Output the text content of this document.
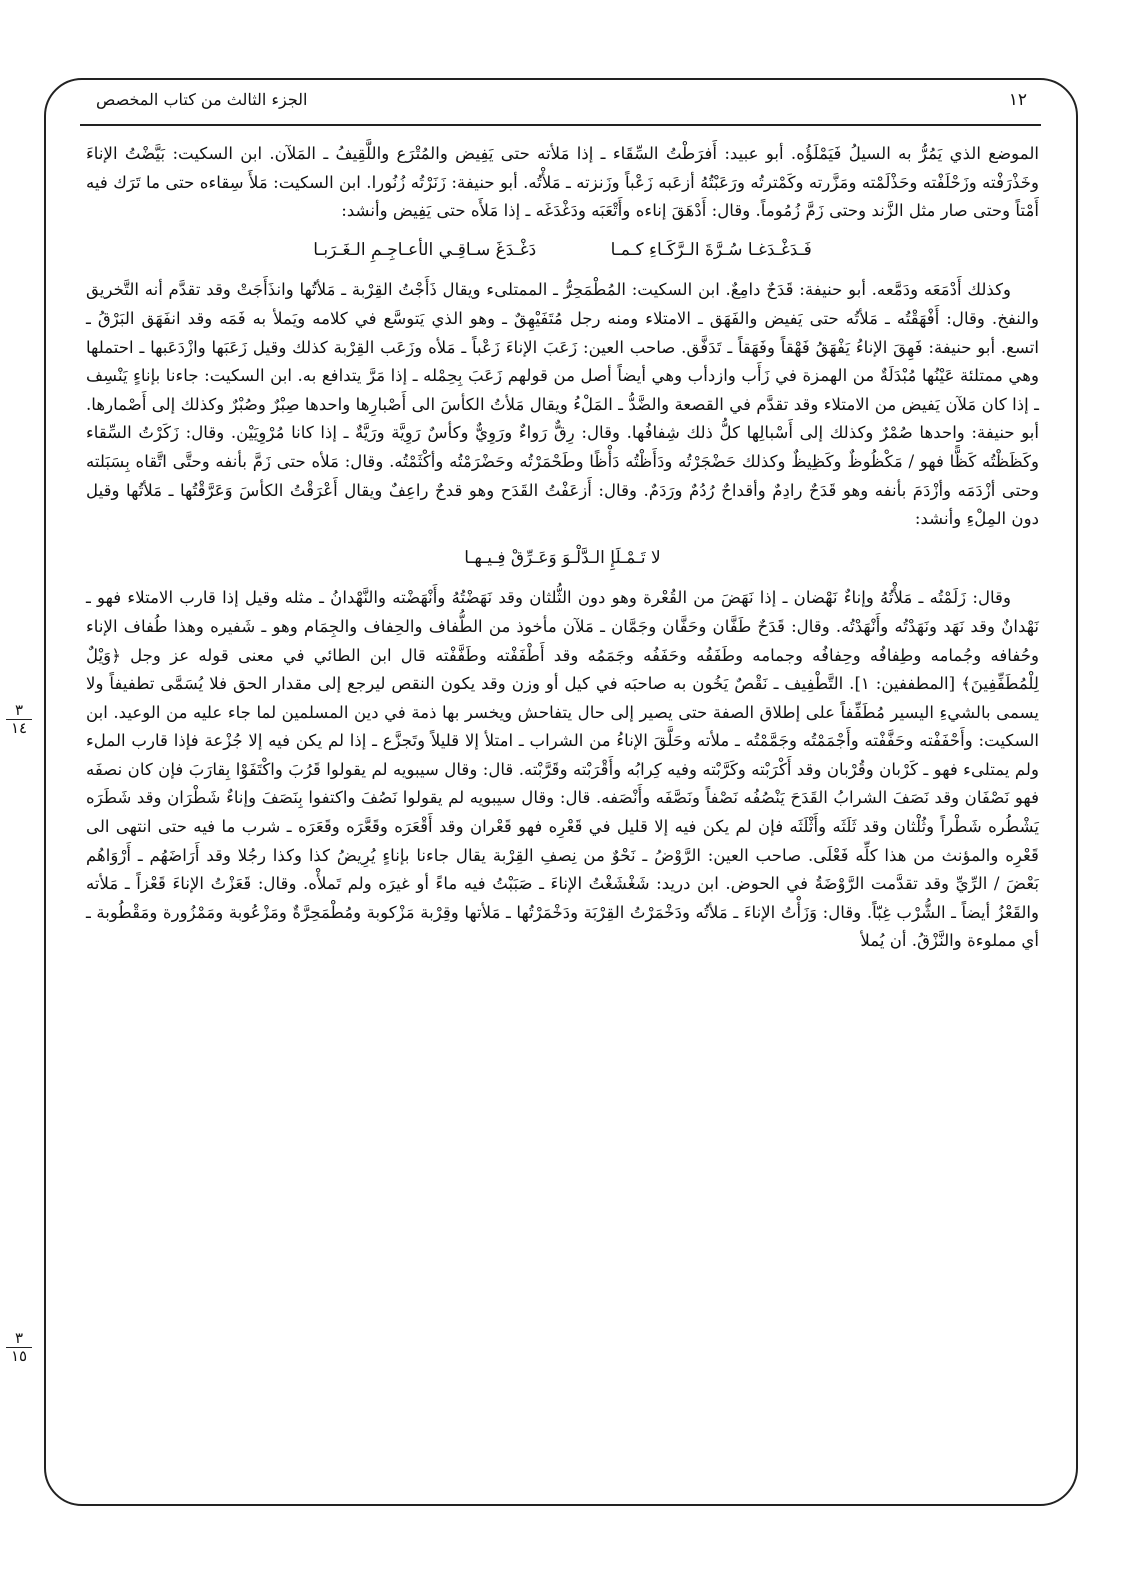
١٢
الجزء الثالث من كتاب المخصص
٣
١٤
٣
١٥

الموضع الذي يَمُرُّ به السيلُ فَيَمْلَؤُه. أبو عبيد: أَفرَطْتُ السِّقَاء ـ إذا مَلأته حتى يَفِيض والمُتْرَع واللَّقِيفُ ـ المَلآن. ابن السكيت: بَيَّضْتُ الإناءَ وخَذْرَفْته وزَحْلَفْته وحَذْلَمْته ومَزَّرته وكَمْترتُه ورَعَبْتُهُ أزعَبه زَعْباً وزَنزته ـ مَلأْتُه. أبو حنيفة: زَنَرْتُه زُنُورا. ابن السكيت: مَلأَ سِقاءه حتى ما تَرَك فيه أَمْتاً وحتى صار مثل الزَّند وحتى زَمَّ زُمُوماً. وقال: أَدْهَقَ إناءه وأَتْعَبَه ودَغْدَغَه ـ إذا مَلأَه حتى يَفِيض وأنشد:

فَـدَغْـدَغـا سُـرَّةَ الـرَّكَـاءِ كـمـا دَغْـدَغَ سـاقِـي الأعـاجِـمِ الـغَـرَبـا

وكذلك أَدْمَعَه ودَمَّعه. أبو حنيفة: قَدَحٌ دامِعٌ. ابن السكيت: المُطْمَحِرُّ ـ الممتلىء ويقال ذَأَجْتُ القِرْبة ـ مَلأتُها وانذَأَجَتْ وقد تقدَّم أنه التَّخريق والنفخ. وقال: أَفْهَقْتُه ـ مَلأتُه حتى يَفيض والفَهَق ـ الامتلاء ومنه رجل مُتَفَيْهِقٌ ـ وهو الذي يَتوسَّع في كلامه ويَملأ به فَمَه وقد انفَهَق البَرْقُ ـ اتسع. أبو حنيفة: فَهِقَ الإناءُ يَفْهَقُ فَهْقاً وفَهَقاً ـ تَدَفَّق. صاحب العين: زَعَبَ الإناءَ زَعْباً ـ مَلأه وزَعَب القِرْبة كذلك وقيل زَعَبَها وازْدَعَبها ـ احتملها وهي ممتلئة عَيْنُها مُبْدَلَةٌ من الهمزة في زَأَب وازدأب وهي أيضاً أصل من قولهم زَعَبَ بِحِمْله ـ إذا مَرَّ يتدافع به. ابن السكيت: جاءنا بإناءٍ يَنْسِف ـ إذا كان مَلآن يَفيض من الامتلاء وقد تقدَّم في القصعة والضَّدُّ ـ المَلْءُ ويقال مَلأتُ الكأسَ الى أَصْبارِها واحدها صِبْرٌ وصُبْرٌ وكذلك إلى أَصْمارها. أبو حنيفة: واحدها صُمْرٌ وكذلك إلى أَسْبالِها كلُّ ذلك شِفافُها. وقال: رِقٌّ رَواءٌ ورَوِيٌّ وكأسٌ رَوِيَّة ورَيَّةٌ ـ إذا كانا مُرْوِيَيْن. وقال: زَكَرْتُ السِّقاء وكَظَظْتُه كَظًّا فهو / مَكْظُوظٌ وكَظِيظٌ وكذلك حَضْجَرْتُه ودَأَظْتُه دَأْظًا وطَحْمَرْتُه وحَضْرَمْتُه وأكْثَمْتُه. وقال: مَلأه حتى زَمَّ بأنفه وحتَّى اتَّقاه بِسَبَلته وحتى أزْدَمَه وأزْدَمَ بأنفه وهو قَدَحٌ رادِمٌ وأقداحٌ رُدُمٌ ورَدَمٌ. وقال: أَزعَفْتُ القَدَح وهو قدحٌ راعِفٌ ويقال أَعْرَقْتُ الكأسَ وَعَرَّقْتُها ـ مَلأتُها وقيل دون المِلْءِ وأنشد:

لا تَـمْـلَإِ الـدَّلْـوَ وَعَـرِّقْ فِـيـهـا

وقال: زَلَمْتُه ـ مَلأْتُهُ وإناءٌ نَهْضان ـ إذا نَهَضَ من القُعْرة وهو دون الثُّلثان وقد نَهَضْتُهُ وأَنْهَضْته والنَّهْدانُ ـ مثله وقيل إذا قارب الامتلاء فهو ـ نَهْدانٌ وقد نَهَد ونَهَدْتُه وأَنْهَدْتُه. وقال: قَدَحٌ طَفَّان وحَفَّان وجَمَّان ـ مَلآن مأخوذ من الطُّفاف والحِفاف والجِمَام وهو ـ شَفيره وهذا طُفاف الإناء وحُفافه وجُمامه وطِفافُه وحِفافُه وجمامه وطَفَفُه وحَفَفُه وجَمَمُه وقد أَطْفَفْته وطَفَّفْته قال ابن الطائي في معنى قوله عز وجل ﴿وَيْلٌ لِلْمُطَفِّفِينَ﴾ [المطففين: ١]. التَّطْفِيف ـ نَقْصٌ يَخُون به صاحبَه في كيل أو وزن وقد يكون النقص ليرجع إلى مقدار الحق فلا يُسَمَّى تطفيفاً ولا يسمى بالشيءِ اليسير مُطَفِّفاً على إطلاق الصفة حتى يصير إلى حال يتفاحش ويخسر بها ذمة في دين المسلمين لما جاء عليه من الوعيد. ابن السكيت: وأَحْفَفْته وحَفَّفْته وأَجْمَمْتُه وجَمَّمْتُه ـ ملأته وحَلَّقَ الإناءُ من الشراب ـ امتلأ إلا قليلاً وتَجزَّع ـ إذا لم يكن فيه إلا جُزْعة فإذا قارب الملء ولم يمتلىء فهو ـ كَرْبان وقُرْبان وقد أَكْرَبْته وكَرَّبْته وفيه كِرابُه وأَقْرَبْته وقَرَّبْته. قال: وقال سيبويه لم يقولوا قَرُبَ واكْتَفَوْا بِقارَبَ فإن كان نصفَه فهو نَصْفَان وقد نَصَفَ الشرابُ القَدَحَ يَنْصُفُه نَصْفاً ونَصَّفَه وأَنْصَفه. قال: وقال سيبويه لم يقولوا نَصُفَ واكتفوا بِنَصَفَ وإناءٌ شَطْرَان وقد شَطَرَه يَشْطُره شَطْراً وثُلْثان وقد ثَلَثَه وأَثْلَثَه فإن لم يكن فيه إلا قليل في قَعْرِه فهو قَعْران وقد أَقْعَرَه وقَعَّرَه وقَعَرَه ـ شرب ما فيه حتى انتهى الى قَعْرِه والمؤنث من هذا كلِّه فَعْلَى. صاحب العين: الرَّوْضُ ـ نَحْوٌ من نِصفِ القِرْبة يقال جاءنا بإناءٍ يُرِيضُ كذا وكذا رجُلا وقد أَرَاضَهُم ـ أَرْوَاهُم بَعْضَ / الرِّيِّ وقد تقدَّمت الرَّوْضَةُ في الحوض. ابن دريد: شَغْشَغْتُ الإناءَ ـ صَبَبْتُ فيه ماءً أو غيرَه ولم تَملأْه. وقال: قَعَزْتُ الإناءَ قَعْزاً ـ مَلأته والقَعْزُ أيضاً ـ الشُّرْب غِبّاً. وقال: وَزَأْتُ الإناءَ ـ مَلأتُه ودَخْمَرْتُ القِرْبَة ودَخْمَرْتُها ـ مَلأتها وقِرْبة مَزْكوبة ومُطْمَحِرَّةٌ ومَزْعُوبة ومَمْزُورة ومَقْطُوبة ـ أي مملوءة والنَّزْقُ. أن يُملأ
